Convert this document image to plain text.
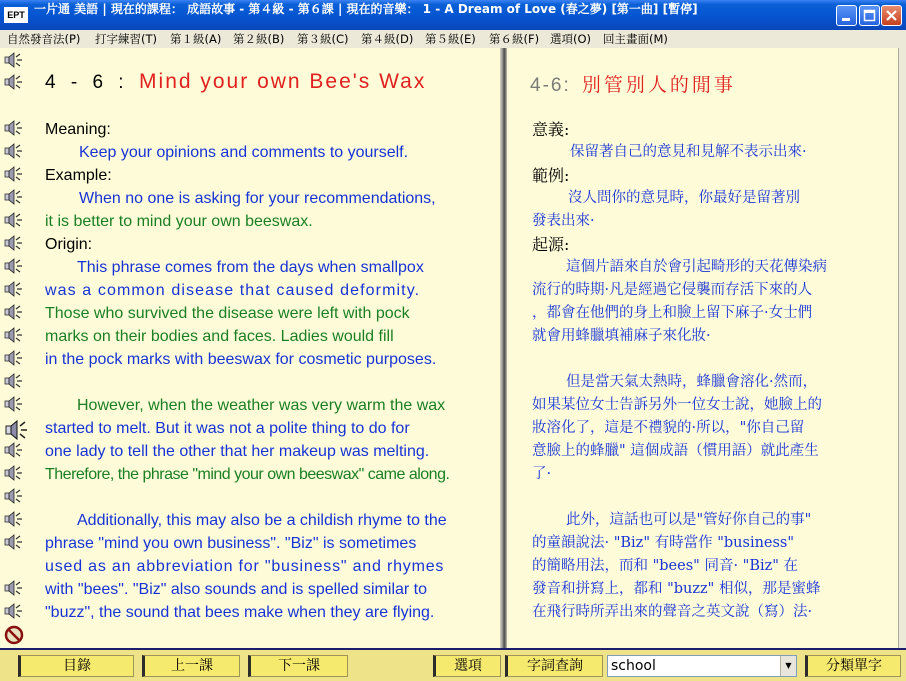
EPT 一片通 美語 | 現在的課程： 成語故事 - 第４級 - 第６課 | 現在的音樂： 1 - A Dream of Love (春之夢) [第一曲] [暫停]
自然發音法(P) 打字練習(T) 第１級(A) 第２級(B) 第３級(C) 第４級(D) 第５級(E) 第６級(F) 選項(O) 回主畫面(M)
4 - 6 : Mind your own Bee's Wax
Meaning:
Keep your opinions and comments to yourself.
Example:
When no one is asking for your recommendations,
it is better to mind your own beeswax.
Origin:
This phrase comes from the days when smallpox
was a common disease that caused deformity.
Those who survived the disease were left with pock
marks on their bodies and faces. Ladies would fill
in the pock marks with beeswax for cosmetic purposes.
However, when the weather was very warm the wax
started to melt. But it was not a polite thing to do for
one lady to tell the other that her makeup was melting.
Therefore, the phrase "mind your own beeswax" came along.
Additionally, this may also be a childish rhyme to the
phrase "mind you own business". "Biz" is sometimes
used as an abbreviation for "business" and rhymes
with "bees". "Biz" also sounds and is spelled similar to
"buzz", the sound that bees make when they are flying.
4-6: 別管別人的閒事
意義:
保留著自己的意見和見解不表示出來·
範例:
沒人問你的意見時，你最好是留著別
發表出來·
起源:
這個片語來自於會引起畸形的天花傳染病
流行的時期·凡是經過它侵襲而存活下來的人
，都會在他們的身上和臉上留下麻子·女士們
就會用蜂臘填補麻子來化妝·
但是當天氣太熱時，蜂臘會溶化·然而，
如果某位女士告訴另外一位女士說，她臉上的
妝溶化了，這是不禮貌的·所以，"你自己留
意臉上的蜂臘" 這個成語（慣用語）就此產生
了·
此外，這話也可以是"管好你自己的事"
的童韻說法· "Biz" 有時當作 "business"
的簡略用法，而和 "bees" 同音· "Biz" 在
發音和拼寫上，都和 "buzz" 相似，那是蜜蜂
在飛行時所弄出來的聲音之英文說（寫）法·
目錄	上一課	下一課	選項	字詞查詢	school	▼	分類單字
